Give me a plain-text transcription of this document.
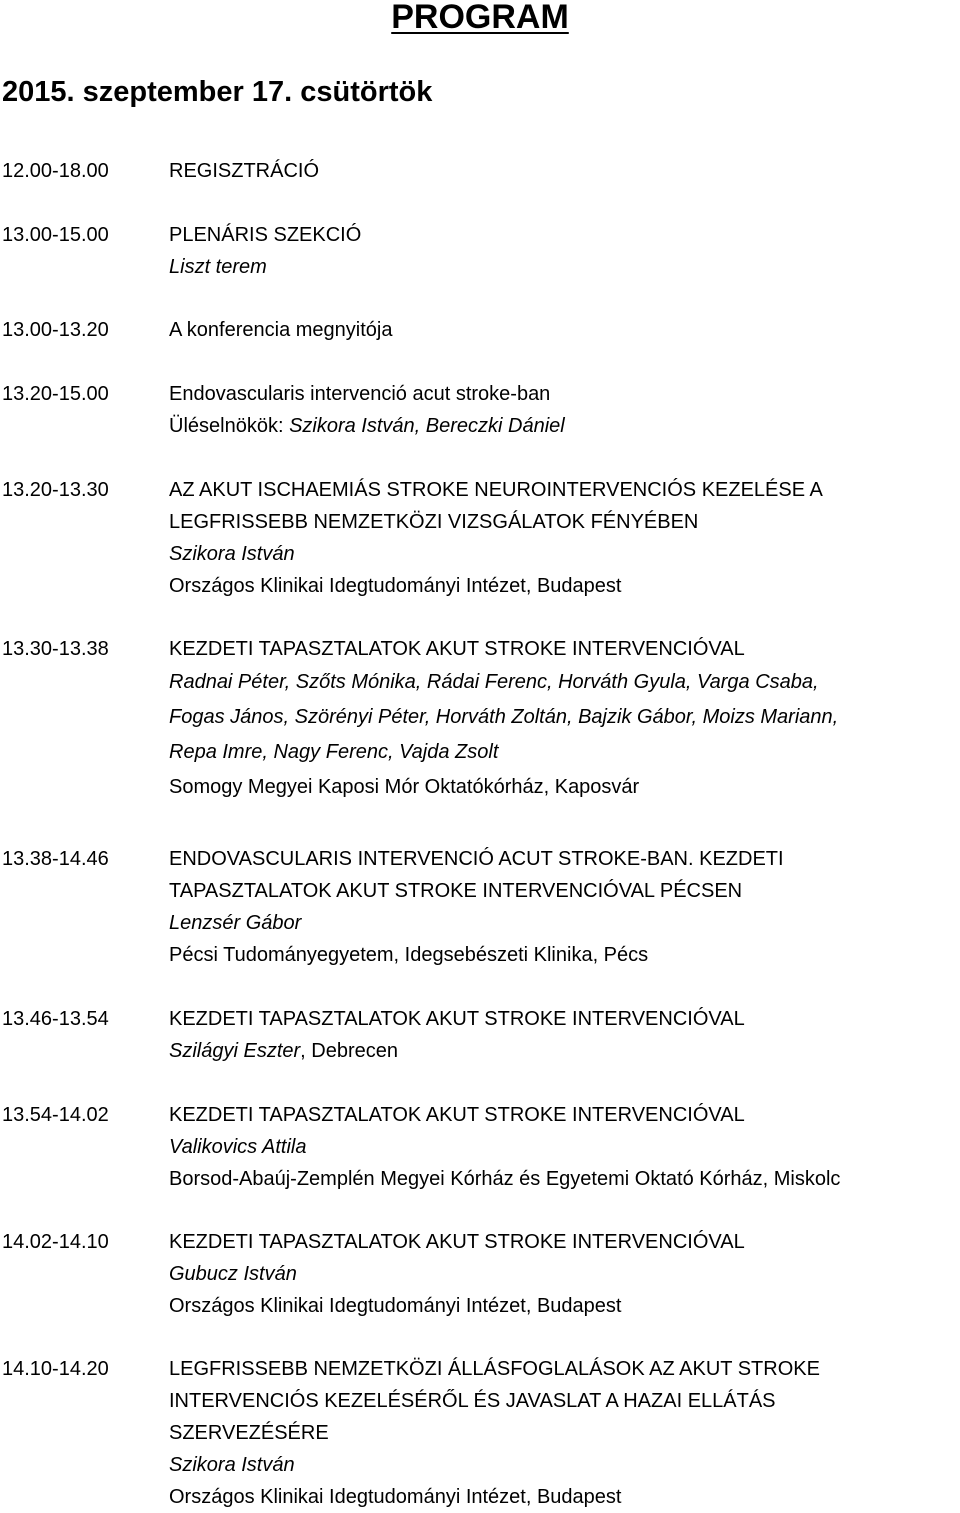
PROGRAM
2015. szeptember 17. csütörtök
12.00-18.00	REGISZTRÁCIÓ
13.00-15.00	PLENÁRIS SZEKCIÓ
Liszt terem
13.00-13.20	A konferencia megnyitója
13.20-15.00	Endovascularis intervenció acut stroke-ban
Üléselnökök: Szikora István, Bereczki Dániel
13.20-13.30	AZ AKUT ISCHAEMIÁS STROKE NEUROINTERVENCIÓS KEZELÉSE A
LEGFRISSEBB NEMZETKÖZI VIZSGÁLATOK FÉNYÉBEN
Szikora István
Országos Klinikai Idegtudományi Intézet, Budapest
13.30-13.38	KEZDETI TAPASZTALATOK AKUT STROKE INTERVENCIÓVAL
Radnai Péter, Szőts Mónika, Rádai Ferenc, Horváth Gyula, Varga Csaba,
Fogas János, Szörényi Péter, Horváth Zoltán, Bajzik Gábor, Moizs Mariann,
Repa Imre, Nagy Ferenc, Vajda Zsolt
Somogy Megyei Kaposi Mór Oktatókórház, Kaposvár
13.38-14.46	ENDOVASCULARIS INTERVENCIÓ ACUT STROKE-BAN. KEZDETI
TAPASZTALATOK AKUT STROKE INTERVENCIÓVAL PÉCSEN
Lenzsér Gábor
Pécsi Tudományegyetem, Idegsebészeti Klinika, Pécs
13.46-13.54	KEZDETI TAPASZTALATOK AKUT STROKE INTERVENCIÓVAL
Szilágyi Eszter, Debrecen
13.54-14.02	KEZDETI TAPASZTALATOK AKUT STROKE INTERVENCIÓVAL
Valikovics Attila
Borsod-Abaúj-Zemplén Megyei Kórház és Egyetemi Oktató Kórház, Miskolc
14.02-14.10	KEZDETI TAPASZTALATOK AKUT STROKE INTERVENCIÓVAL
Gubucz István
Országos Klinikai Idegtudományi Intézet, Budapest
14.10-14.20	LEGFRISSEBB NEMZETKÖZI ÁLLÁSFOGLALÁSOK AZ AKUT STROKE
INTERVENCIÓS KEZELÉSÉRŐL ÉS JAVASLAT A HAZAI ELLÁTÁS
SZERVEZÉSÉRE
Szikora István
Országos Klinikai Idegtudományi Intézet, Budapest
